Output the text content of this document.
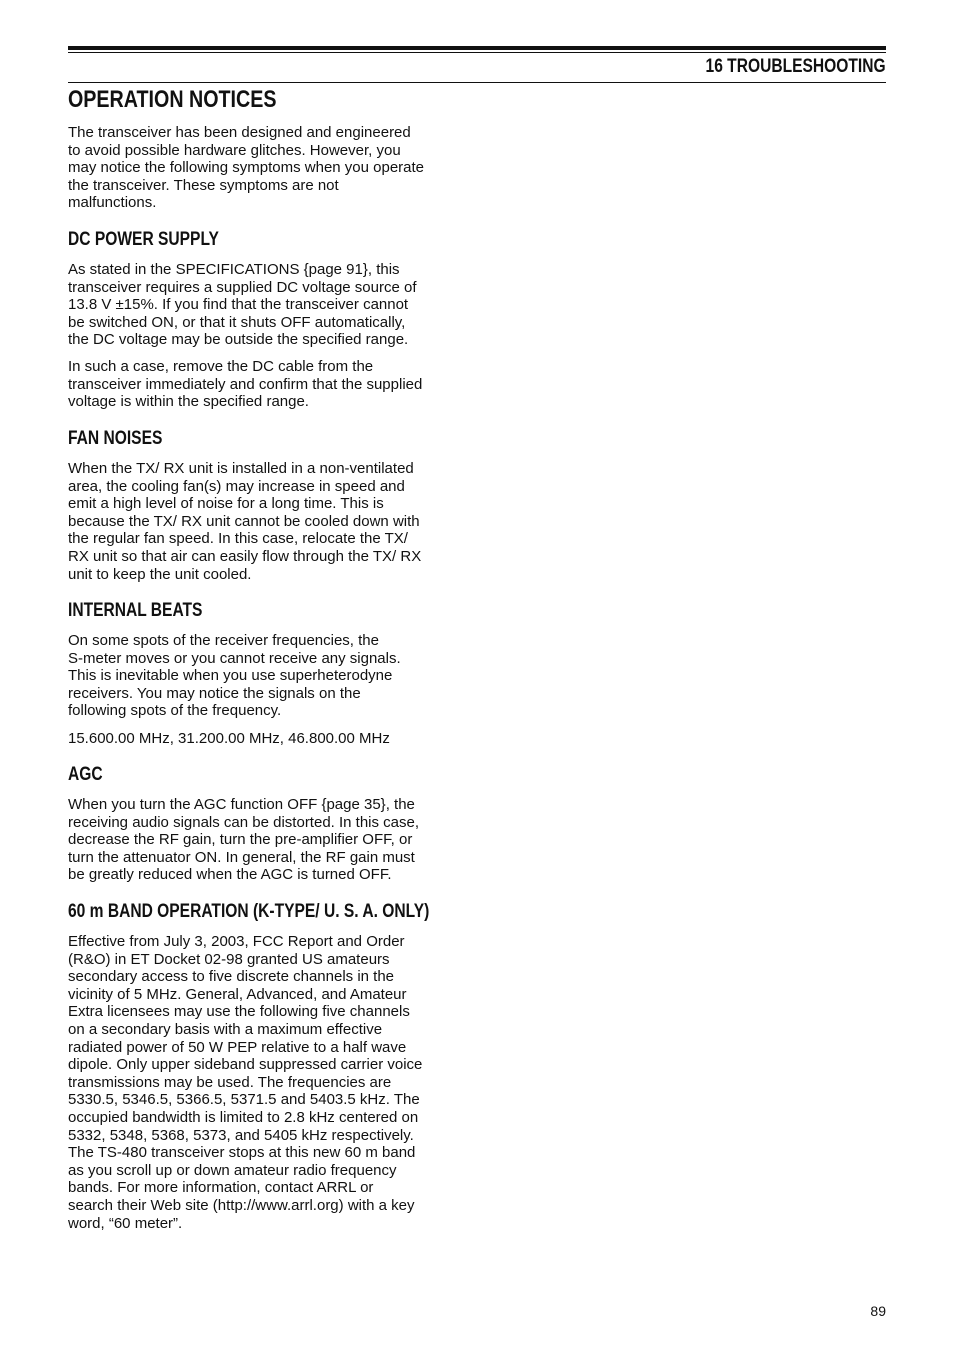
16 TROUBLESHOOTING
OPERATION NOTICES
The transceiver has been designed and engineered
to avoid possible hardware glitches. However, you
may notice the following symptoms when you operate
the transceiver. These symptoms are not
malfunctions.
DC POWER SUPPLY
As stated in the SPECIFICATIONS {page 91}, this
transceiver requires a supplied DC voltage source of
13.8 V ±15%. If you find that the transceiver cannot
be switched ON, or that it shuts OFF automatically,
the DC voltage may be outside the specified range.
In such a case, remove the DC cable from the
transceiver immediately and confirm that the supplied
voltage is within the specified range.
FAN NOISES
When the TX/ RX unit is installed in a non-ventilated
area, the cooling fan(s) may increase in speed and
emit a high level of noise for a long time. This is
because the TX/ RX unit cannot be cooled down with
the regular fan speed. In this case, relocate the TX/
RX unit so that air can easily flow through the TX/ RX
unit to keep the unit cooled.
INTERNAL BEATS
On some spots of the receiver frequencies, the
S-meter moves or you cannot receive any signals.
This is inevitable when you use superheterodyne
receivers. You may notice the signals on the
following spots of the frequency.
15.600.00 MHz, 31.200.00 MHz, 46.800.00 MHz
AGC
When you turn the AGC function OFF {page 35}, the
receiving audio signals can be distorted. In this case,
decrease the RF gain, turn the pre-amplifier OFF, or
turn the attenuator ON. In general, the RF gain must
be greatly reduced when the AGC is turned OFF.
60 m BAND OPERATION (K-TYPE/ U. S. A. ONLY)
Effective from July 3, 2003, FCC Report and Order
(R&O) in ET Docket 02-98 granted US amateurs
secondary access to five discrete channels in the
vicinity of 5 MHz. General, Advanced, and Amateur
Extra licensees may use the following five channels
on a secondary basis with a maximum effective
radiated power of 50 W PEP relative to a half wave
dipole. Only upper sideband suppressed carrier voice
transmissions may be used. The frequencies are
5330.5, 5346.5, 5366.5, 5371.5 and 5403.5 kHz. The
occupied bandwidth is limited to 2.8 kHz centered on
5332, 5348, 5368, 5373, and 5405 kHz respectively.
The TS-480 transceiver stops at this new 60 m band
as you scroll up or down amateur radio frequency
bands. For more information, contact ARRL or
search their Web site (http://www.arrl.org) with a key
word, “60 meter”.
89
